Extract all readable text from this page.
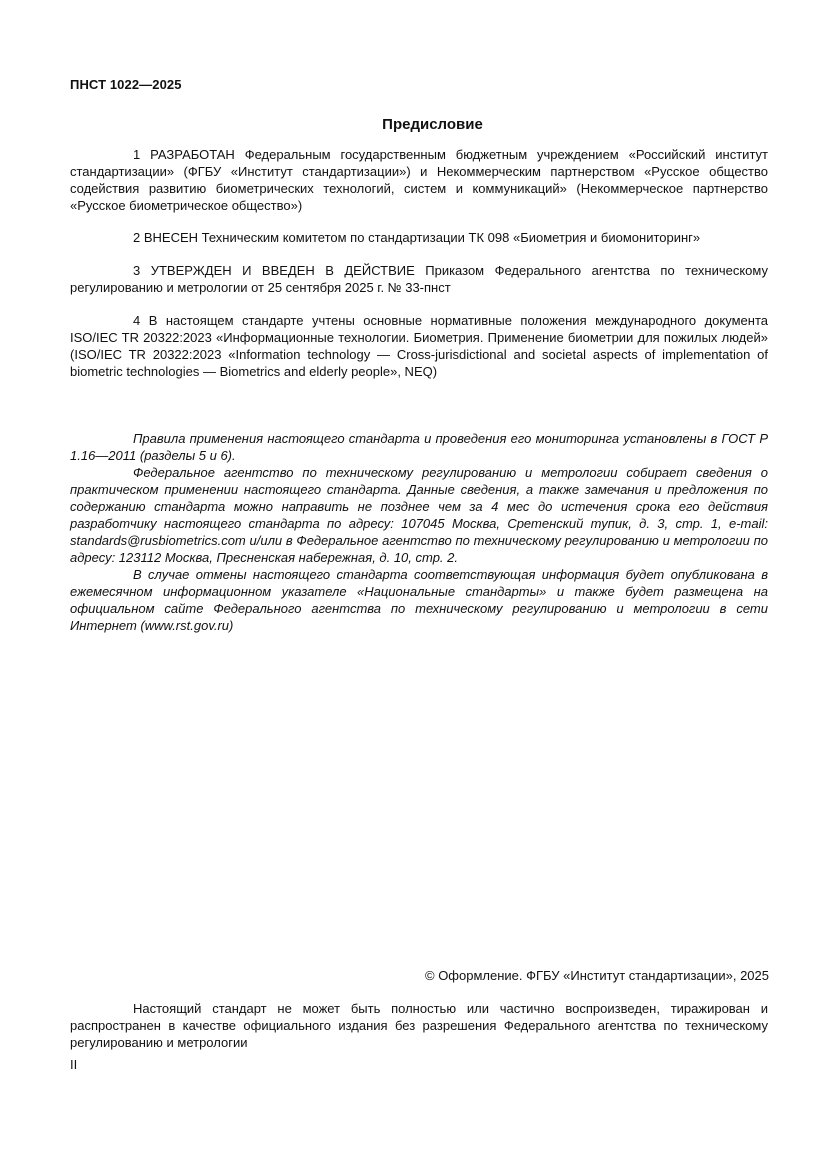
ПНСТ 1022—2025
Предисловие

1 РАЗРАБОТАН Федеральным государственным бюджетным учреждением «Российский институт стандартизации» (ФГБУ «Институт стандартизации») и Некоммерческим партнерством «Русское общество содействия развитию биометрических технологий, систем и коммуникаций» (Некоммерческое партнерство «Русское биометрическое общество»)

2 ВНЕСЕН Техническим комитетом по стандартизации ТК 098 «Биометрия и биомониторинг»

3 УТВЕРЖДЕН И ВВЕДЕН В ДЕЙСТВИЕ Приказом Федерального агентства по техническому регулированию и метрологии от 25 сентября 2025 г. № 33-пнст

4 В настоящем стандарте учтены основные нормативные положения международного документа ISO/IEC TR 20322:2023 «Информационные технологии. Биометрия. Применение биометрии для пожилых людей» (ISO/IEC TR 20322:2023 «Information technology — Cross-jurisdictional and societal aspects of implementation of biometric technologies — Biometrics and elderly people», NEQ)

Правила применения настоящего стандарта и проведения его мониторинга установлены в ГОСТ Р 1.16—2011 (разделы 5 и 6).

Федеральное агентство по техническому регулированию и метрологии собирает сведения о практическом применении настоящего стандарта. Данные сведения, а также замечания и предложения по содержанию стандарта можно направить не позднее чем за 4 мес до истечения срока его действия разработчику настоящего стандарта по адресу: 107045 Москва, Сретенский тупик, д. 3, стр. 1, e-mail: standards@rusbiometrics.com и/или в Федеральное агентство по техническому регулированию и метрологии по адресу: 123112 Москва, Пресненская набережная, д. 10, стр. 2.

В случае отмены настоящего стандарта соответствующая информация будет опубликована в ежемесячном информационном указателе «Национальные стандарты» и также будет размещена на официальном сайте Федерального агентства по техническому регулированию и метрологии в сети Интернет (www.rst.gov.ru)

© Оформление. ФГБУ «Институт стандартизации», 2025

Настоящий стандарт не может быть полностью или частично воспроизведен, тиражирован и распространен в качестве официального издания без разрешения Федерального агентства по техническому регулированию и метрологии

II
